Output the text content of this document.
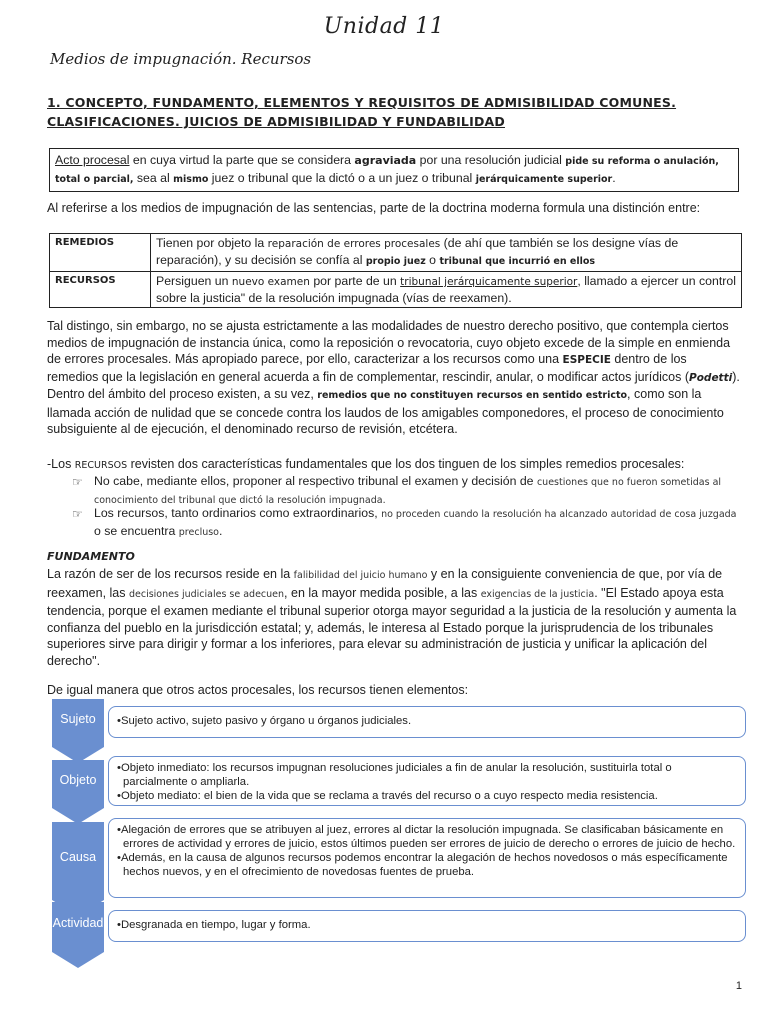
Unidad 11
Medios de impugnación. Recursos
1. CONCEPTO, FUNDAMENTO, ELEMENTOS Y REQUISITOS DE ADMISIBILIDAD COMUNES. CLASIFICACIONES. JUICIOS DE ADMISIBILIDAD Y FUNDABILIDAD
Acto procesal en cuya virtud la parte que se considera agraviada por una resolución judicial pide su reforma o anulación, total o parcial, sea al mismo juez o tribunal que la dictó o a un juez o tribunal jerárquicamente superior.
Al referirse a los medios de impugnación de las sentencias, parte de la doctrina moderna formula una distinción entre:
REMEDIOS	Tienen por objeto la reparación de errores procesales (de ahí que también se los designe vías de reparación), y su decisión se confía al propio juez o tribunal que incurrió en ellos
RECURSOS	Persiguen un nuevo examen por parte de un tribunal jerárquicamente superior, llamado a ejercer un control sobre la justicia" de la resolución impugnada (vías de reexamen).
Tal distingo, sin embargo, no se ajusta estrictamente a las modalidades de nuestro derecho positivo, que contempla ciertos medios de impugnación de instancia única, como la reposición o revocatoria, cuyo objeto excede de la simple en enmienda de errores procesales. Más apropiado parece, por ello, caracterizar a los recursos como una ESPECIE dentro de los remedios que la legislación en general acuerda a fin de complementar, rescindir, anular, o modificar actos jurídicos (Podetti). Dentro del ámbito del proceso existen, a su vez, remedios que no constituyen recursos en sentido estricto, como son la llamada acción de nulidad que se concede contra los laudos de los amigables componedores, el proceso de conocimiento subsiguiente al de ejecución, el denominado recurso de revisión, etcétera.
-Los RECURSOS revisten dos características fundamentales que los dos tinguen de los simples remedios procesales:
☞ No cabe, mediante ellos, proponer al respectivo tribunal el examen y decisión de cuestiones que no fueron sometidas al conocimiento del tribunal que dictó la resolución impugnada.
☞ Los recursos, tanto ordinarios como extraordinarios, no proceden cuando la resolución ha alcanzado autoridad de cosa juzgada o se encuentra precluso.
FUNDAMENTO
La razón de ser de los recursos reside en la falibilidad del juicio humano y en la consiguiente conveniencia de que, por vía de reexamen, las decisiones judiciales se adecuen, en la mayor medida posible, a las exigencias de la justicia. "El Estado apoya esta tendencia, porque el examen mediante el tribunal superior otorga mayor seguridad a la justicia de la resolución y aumenta la confianza del pueblo en la jurisdicción estatal; y, además, le interesa al Estado porque la jurisprudencia de los tribunales superiores sirve para dirigir y formar a los inferiores, para elevar su administración de justicia y unificar la aplicación del derecho".
De igual manera que otros actos procesales, los recursos tienen elementos:
•Sujeto activo, sujeto pasivo y órgano u órganos judiciales.
Sujeto
•Objeto inmediato: los recursos impugnan resoluciones judiciales a fin de anular la resolución, sustituirla total o parcialmente o ampliarla.
•Objeto mediato: el bien de la vida que se reclama a través del recurso o a cuyo respecto media resistencia.
Objeto
•Alegación de errores que se atribuyen al juez, errores al dictar la resolución impugnada. Se clasificaban básicamente en errores de actividad y errores de juicio, estos últimos pueden ser errores de juicio de derecho o errores de juicio de hecho.
•Además, en la causa de algunos recursos podemos encontrar la alegación de hechos novedosos o más específicamente hechos nuevos, y en el ofrecimiento de novedosas fuentes de prueba.
Causa
•Desgranada en tiempo, lugar y forma.
Actividad
1
